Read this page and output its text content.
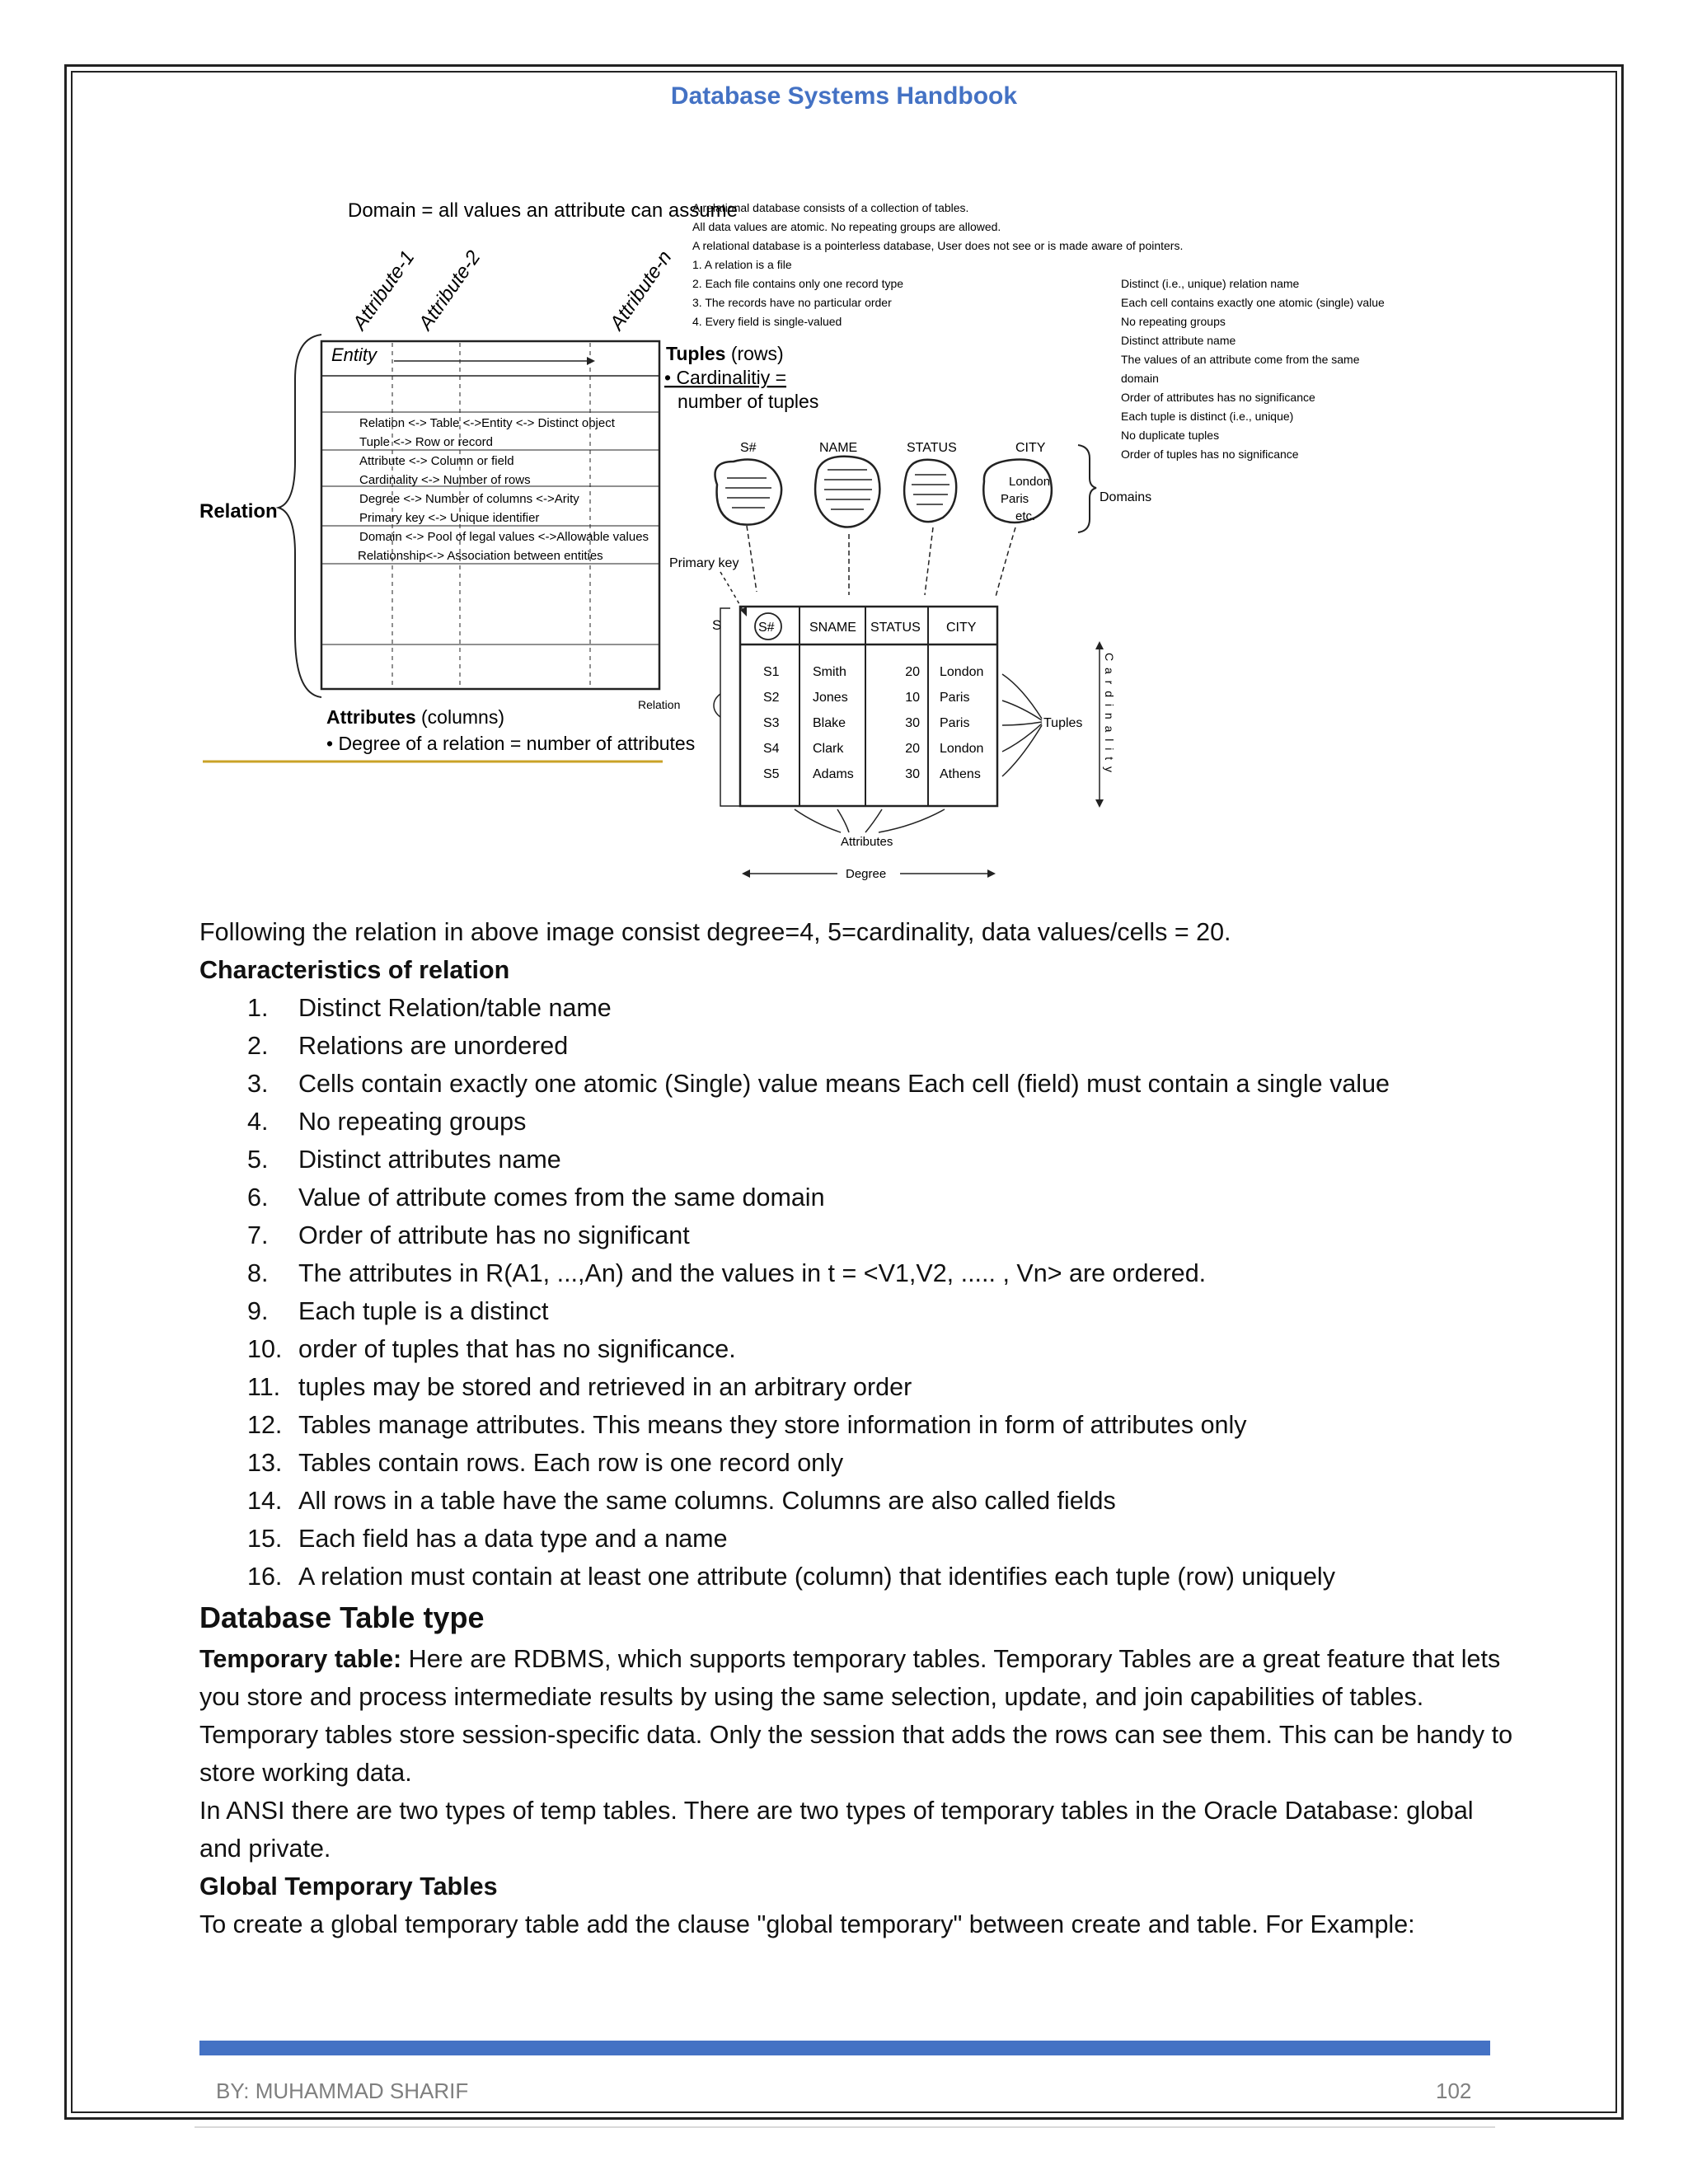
Database Systems Handbook
Domain = all values an attribute can assume
Attribute-1
Attribute-2	Attribute-n
Relation
Entity
Relation <-> Table <->Entity <-> Distinct object
Tuple <-> Row or record
Attribute <-> Column or field
Cardinality <-> Number of rows
Degree <-> Number of columns <->Arity
Primary key <-> Unique identifier
Domain <-> Pool of legal values <->Allowable values
Relationship<-> Association between entities
Tuples (rows)
• Cardinalitiy =
number of tuples
Attributes (columns)
• Degree of a relation = number of attributes
A relational database consists of a collection of tables.
All data values are atomic. No repeating groups are allowed.
A relational database is a pointerless database, User does not see or is made aware of pointers.
1. A relation is a file
2. Each file contains only one record type
3. The records have no particular order
4. Every field is single-valued
Distinct (i.e., unique) relation name
Each cell contains exactly one atomic (single) value
No repeating groups
Distinct attribute name
The values of an attribute come from the same
domain
Order of attributes has no significance
Each tuple is distinct (i.e., unique)
No duplicate tuples
Order of tuples has no significance
S#	NAME	STATUS	CITY
London
Paris
etc.
Domains
Primary key
S	S#	SNAME STATUS CITY
S1	Smith	20 London
S2	Jones	10 Paris
S3	Blake	30 Paris
S4	Clark	20 London
S5	Adams	30 Athens
Relation
Tuples C a r d i n a l i t y
Attributes
Degree

Following the relation in above image consist degree=4, 5=cardinality, data values/cells = 20.

Characteristics of relation

1.	Distinct Relation/table name
2.	Relations are unordered
3.	Cells contain exactly one atomic (Single) value means Each cell (field) must contain a single value
4.	No repeating groups
5.	Distinct attributes name
6.	Value of attribute comes from the same domain
7.	Order of attribute has no significant
8.	The attributes in R(A1, ...,An) and the values in t = <V1,V2, ..... , Vn> are ordered.
9.	Each tuple is a distinct
10. order of tuples that has no significance.
11. tuples may be stored and retrieved in an arbitrary order
12. Tables manage attributes. This means they store information in form of attributes only
13. Tables contain rows. Each row is one record only
14. All rows in a table have the same columns. Columns are also called fields
15. Each field has a data type and a name
16. A relation must contain at least one attribute (column) that identifies each tuple (row) uniquely

Database Table type

Temporary table: Here are RDBMS, which supports temporary tables. Temporary Tables are a great feature that lets you store and process intermediate results by using the same selection, update, and join capabilities of tables. Temporary tables store session-specific data. Only the session that adds the rows can see them. This can be handy to store working data.

In ANSI there are two types of temp tables. There are two types of temporary tables in the Oracle Database: global and private.

Global Temporary Tables

To create a global temporary table add the clause "global temporary" between create and table. For Example:

BY: MUHAMMAD SHARIF	102
